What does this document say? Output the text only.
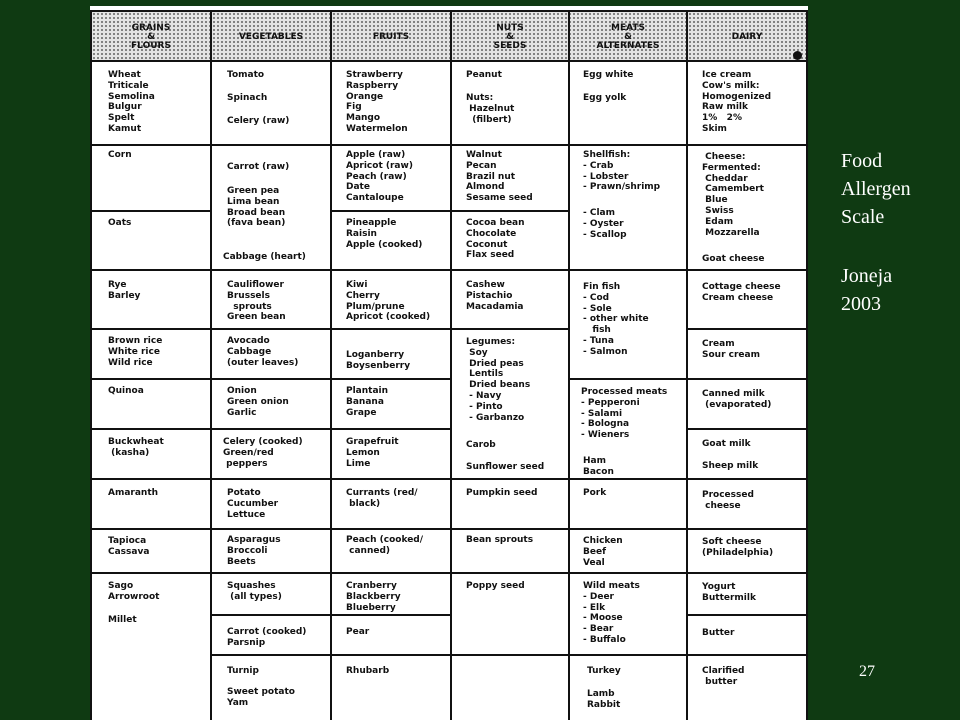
GRAINS
&
FLOURS
VEGETABLES	FRUITS
NUTS
&
SEEDS
MEATS
&
ALTERNATES
DAIRY
Wheat
Triticale
Semolina
Bulgur
Spelt
Kamut
Corn
Oats
Rye
Barley
Brown rice
White rice
Wild rice
Quinoa
Buckwheat
(kasha)
Amaranth
Tapioca
Cassava
Sago
Arrowroot
Millet
Tomato
Spinach
Celery (raw)
Carrot (raw)
Green pea
Lima bean
Broad bean
(fava bean)
Cabbage (heart)
Cauliflower
Brussels
sprouts
Green bean
Avocado
Cabbage
(outer leaves)
Onion
Green onion
Garlic
Celery (cooked)
Green/red
peppers
Potato
Cucumber
Lettuce
Asparagus
Broccoli
Beets
Squashes
(all types)
Carrot (cooked)
Parsnip
Turnip
Sweet potato
Yam
Strawberry
Raspberry
Orange
Fig
Mango
Watermelon
Apple (raw)
Apricot (raw)
Peach (raw)
Date
Cantaloupe
Pineapple
Raisin
Apple (cooked)
Kiwi
Cherry
Plum/prune
Apricot (cooked)
Loganberry
Boysenberry
Plantain
Banana
Grape
Grapefruit
Lemon
Lime
Currants (red/
black)
Peach (cooked/
canned)
Cranberry
Blackberry
Blueberry
Pear
Rhubarb
Peanut
Nuts:
Hazelnut
(filbert)
Walnut
Pecan
Brazil nut
Almond
Sesame seed
Cocoa bean
Chocolate
Coconut
Flax seed
Cashew
Pistachio
Macadamia
Legumes:
Soy
Dried peas
Lentils
Dried beans
- Navy
- Pinto
- Garbanzo
Carob
Sunflower seed
Pumpkin seed
Bean sprouts
Poppy seed
Egg white
Egg yolk
Shellfish:
- Crab
- Lobster
- Prawn/shrimp
- Clam
- Oyster
- Scallop
Fin fish
- Cod
- Sole
- other white
fish
- Tuna
- Salmon
Processed meats
- Pepperoni
- Salami
- Bologna
- Wieners
Ham
Bacon
Pork
Chicken
Beef
Veal
Wild meats
- Deer
- Elk
- Moose
- Bear
- Buffalo
Turkey
Lamb
Rabbit
Ice cream
Cow's milk:
Homogenized
Raw milk
1%   2%
Skim
Cheese:
Fermented:
Cheddar
Camembert
Blue
Swiss
Edam
Mozzarella
Goat cheese
Cottage cheese
Cream cheese
Cream
Sour cream
Canned milk
(evaporated)
Goat milk
Sheep milk
Processed
cheese
Soft cheese
(Philadelphia)
Yogurt
Buttermilk
Butter
Clarified
butter
Food
Allergen
Scale
Joneja
2003
27
